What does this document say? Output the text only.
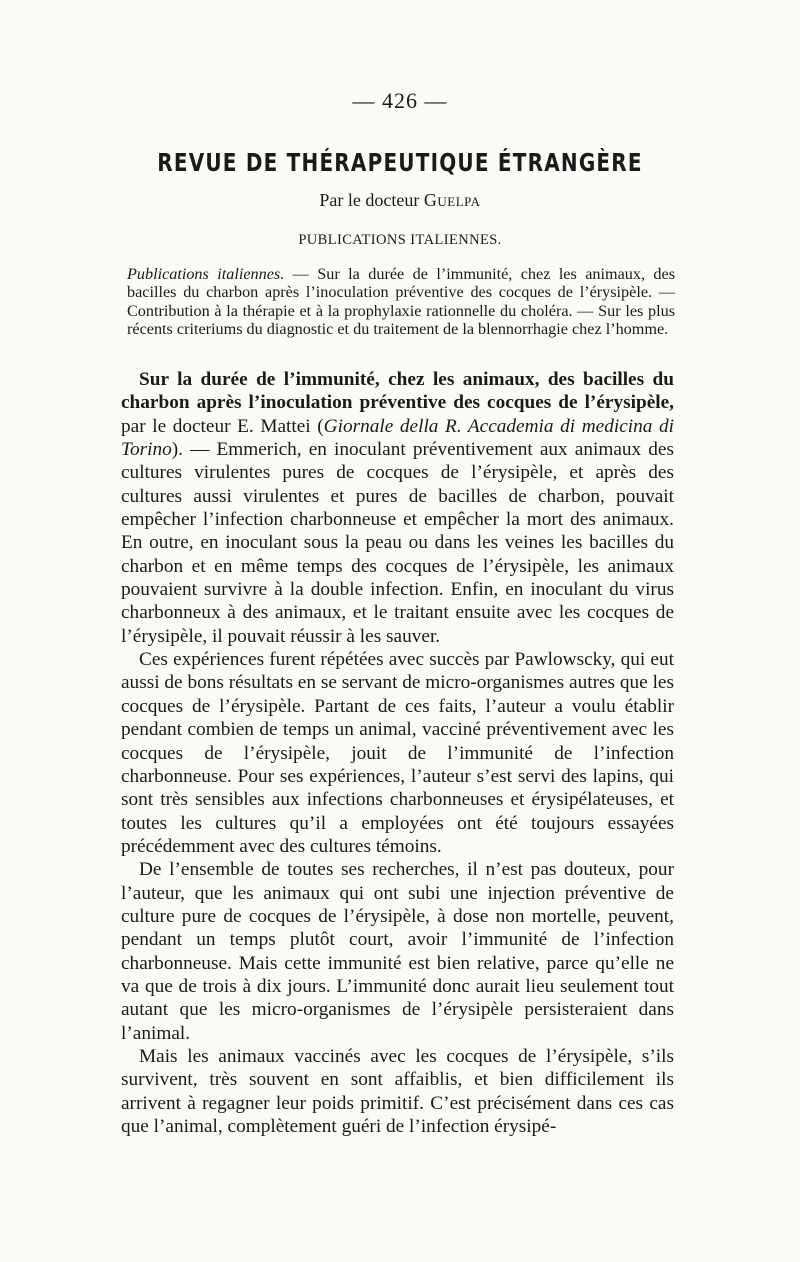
— 426 —
REVUE DE THÉRAPEUTIQUE ÉTRANGÈRE
Par le docteur Guelpa
PUBLICATIONS ITALIENNES.
Publications italiennes. — Sur la durée de l’immunité, chez les animaux, des bacilles du charbon après l’inoculation préventive des cocques de l’érysipèle. — Contribution à la thérapie et à la prophylaxie rationnelle du choléra. — Sur les plus récents criteriums du diagnostic et du traitement de la blennorrhagie chez l’homme.

Sur la durée de l’immunité, chez les animaux, des bacilles du charbon après l’inoculation préventive des cocques de l’érysipèle, par le docteur E. Mattei (Giornale della R. Accademia di medicina di Torino). — Emmerich, en inoculant préventivement aux animaux des cultures virulentes pures de cocques de l’érysipèle, et après des cultures aussi virulentes et pures de bacilles de charbon, pouvait empêcher l’infection charbonneuse et empêcher la mort des animaux. En outre, en inoculant sous la peau ou dans les veines les bacilles du charbon et en même temps des cocques de l’érysipèle, les animaux pouvaient survivre à la double infection. Enfin, en inoculant du virus charbonneux à des animaux, et le traitant ensuite avec les cocques de l’érysipèle, il pouvait réussir à les sauver.

Ces expériences furent répétées avec succès par Pawlowscky, qui eut aussi de bons résultats en se servant de micro-organismes autres que les cocques de l’érysipèle. Partant de ces faits, l’auteur a voulu établir pendant combien de temps un animal, vacciné préventivement avec les cocques de l’érysipèle, jouit de l’immunité de l’infection charbonneuse. Pour ses expériences, l’auteur s’est servi des lapins, qui sont très sensibles aux infections charbonneuses et érysipélateuses, et toutes les cultures qu’il a employées ont été toujours essayées précédemment avec des cultures témoins.

De l’ensemble de toutes ses recherches, il n’est pas douteux, pour l’auteur, que les animaux qui ont subi une injection préventive de culture pure de cocques de l’érysipèle, à dose non mortelle, peuvent, pendant un temps plutôt court, avoir l’immunité de l’infection charbonneuse. Mais cette immunité est bien relative, parce qu’elle ne va que de trois à dix jours. L’immunité donc aurait lieu seulement tout autant que les micro-organismes de l’érysipèle persisteraient dans l’animal.

Mais les animaux vaccinés avec les cocques de l’érysipèle, s’ils survivent, très souvent en sont affaiblis, et bien difficilement ils arrivent à regagner leur poids primitif. C’est précisément dans ces cas que l’animal, complètement guéri de l’infection érysipé-
